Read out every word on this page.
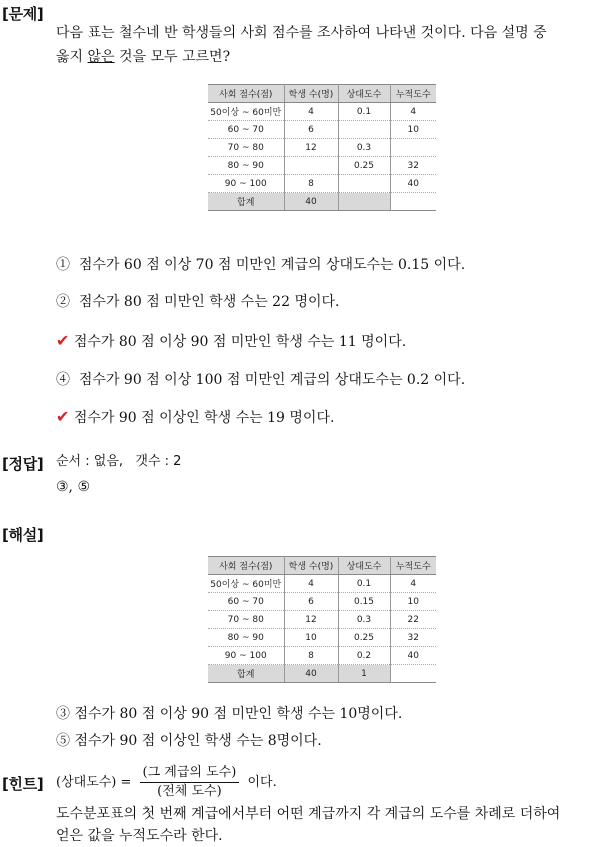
[문제]
다음 표는 철수네 반 학생들의 사회 점수를 조사하여 나타낸 것이다. 다음 설명 중
옳지 않은 것을 모두 고르면?
사회 점수(점)	학생 수(명)	상대도수	누적도수
50이상 ~ 60미만	4	0.1	4
60 ~ 70	6		10
70 ~ 80	12	0.3	
80 ~ 90		0.25	32
90 ~ 100	8		40
합계	40		
① 점수가 60 점 이상 70 점 미만인 계급의 상대도수는 0.15 이다.
② 점수가 80 점 미만인 학생 수는 22 명이다.
✔ 점수가 80 점 이상 90 점 미만인 학생 수는 11 명이다.
④ 점수가 90 점 이상 100 점 미만인 계급의 상대도수는 0.2 이다.
✔ 점수가 90 점 이상인 학생 수는 19 명이다.
[정답] 순서 : 없음,   갯수 : 2
③, ⑤
[해설]
사회 점수(점)	학생 수(명)	상대도수	누적도수
50이상 ~ 60미만	4	0.1	4
60 ~ 70	6	0.15	10
70 ~ 80	12	0.3	22
80 ~ 90	10	0.25	32
90 ~ 100	8	0.2	40
합계	40	1	
③ 점수가 80 점 이상 90 점 미만인 학생 수는 10명이다.
⑤ 점수가 90 점 이상인 학생 수는 8명이다.
[힌트] (상대도수) = $\frac{\text{(그 계급의 도수)}}{\text{(전체 도수)}}$ 이다.
도수분포표의 첫 번째 계급에서부터 어떤 계급까지 각 계급의 도수를 차례로 더하여
얻은 값을 누적도수라 한다.
